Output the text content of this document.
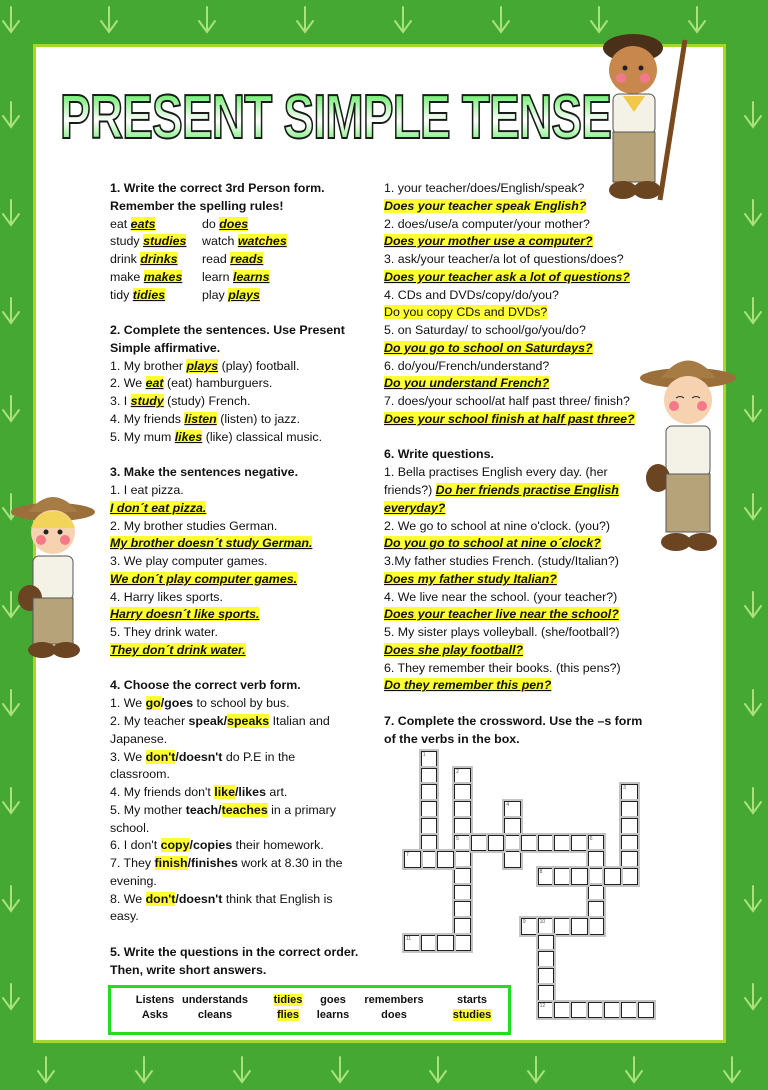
PRESENT SIMPLE TENSE
1. Write the correct 3rd Person form.
Remember the spelling rules!
eat eats	do does
study studies watch watches
drink drinks read reads
make makes learn learns
tidy tidies	play plays
2. Complete the sentences. Use Present
Simple affirmative.
1. My brother plays (play) football.
2. We eat (eat) hamburguers.
3. I study (study) French.
4. My friends listen (listen) to jazz.
5. My mum likes (like) classical music.
3. Make the sentences negative.
1. I eat pizza.
I don´t eat pizza.
2. My brother studies German.
My brother doesn´t study German.
3. We play computer games.
We don´t play computer games.
4. Harry likes sports.
Harry doesn´t like sports.
5. They drink water.
They don´t drink water.
4. Choose the correct verb form.
1. We go/goes to school by bus.
2. My teacher speak/speaks Italian and
Japanese.
3. We don't/doesn't do P.E in the
classroom.
4. My friends don't like/likes art.
5. My mother teach/teaches in a primary
school.
6. I don't copy/copies their homework.
7. They finish/finishes work at 8.30 in the
evening.
8. We don't/doesn't think that English is
easy.
5. Write the questions in the correct order.
Then, write short answers.
1. your teacher/does/English/speak?
Does your teacher speak English?
2. does/use/a computer/your mother?
Does your mother use a computer?
3. ask/your teacher/a lot of questions/does?
Does your teacher ask a lot of questions?
4. CDs and DVDs/copy/do/you?
Do you copy CDs and DVDs?
5. on Saturday/ to school/go/you/do?
Do you go to school on Saturdays?
6. do/you/French/understand?
Do you understand French?
7. does/your school/at half past three/ finish?
Does your school finish at half past three?
6. Write questions.
1. Bella practises English every day. (her
friends?) Do her friends practise English
everyday?
2. We go to school at nine o'clock. (you?)
Do you go to school at nine o´clock?
3.My father studies French. (study/Italian?)
Does my father study Italian?
4. We live near the school. (your teacher?)
Does your teacher live near the school?
5. My sister plays volleyball. (she/football?)
Does she play football?
6. They remember their books. (this pens?)
Do they remember this pen?
7. Complete the crossword. Use the –s form
of the verbs in the box.
1
2
5
3
4
6
7
8
9	10
12
11
Listens understands tidies goes remembers	starts
Asks	cleans	flies learns	does	studies
